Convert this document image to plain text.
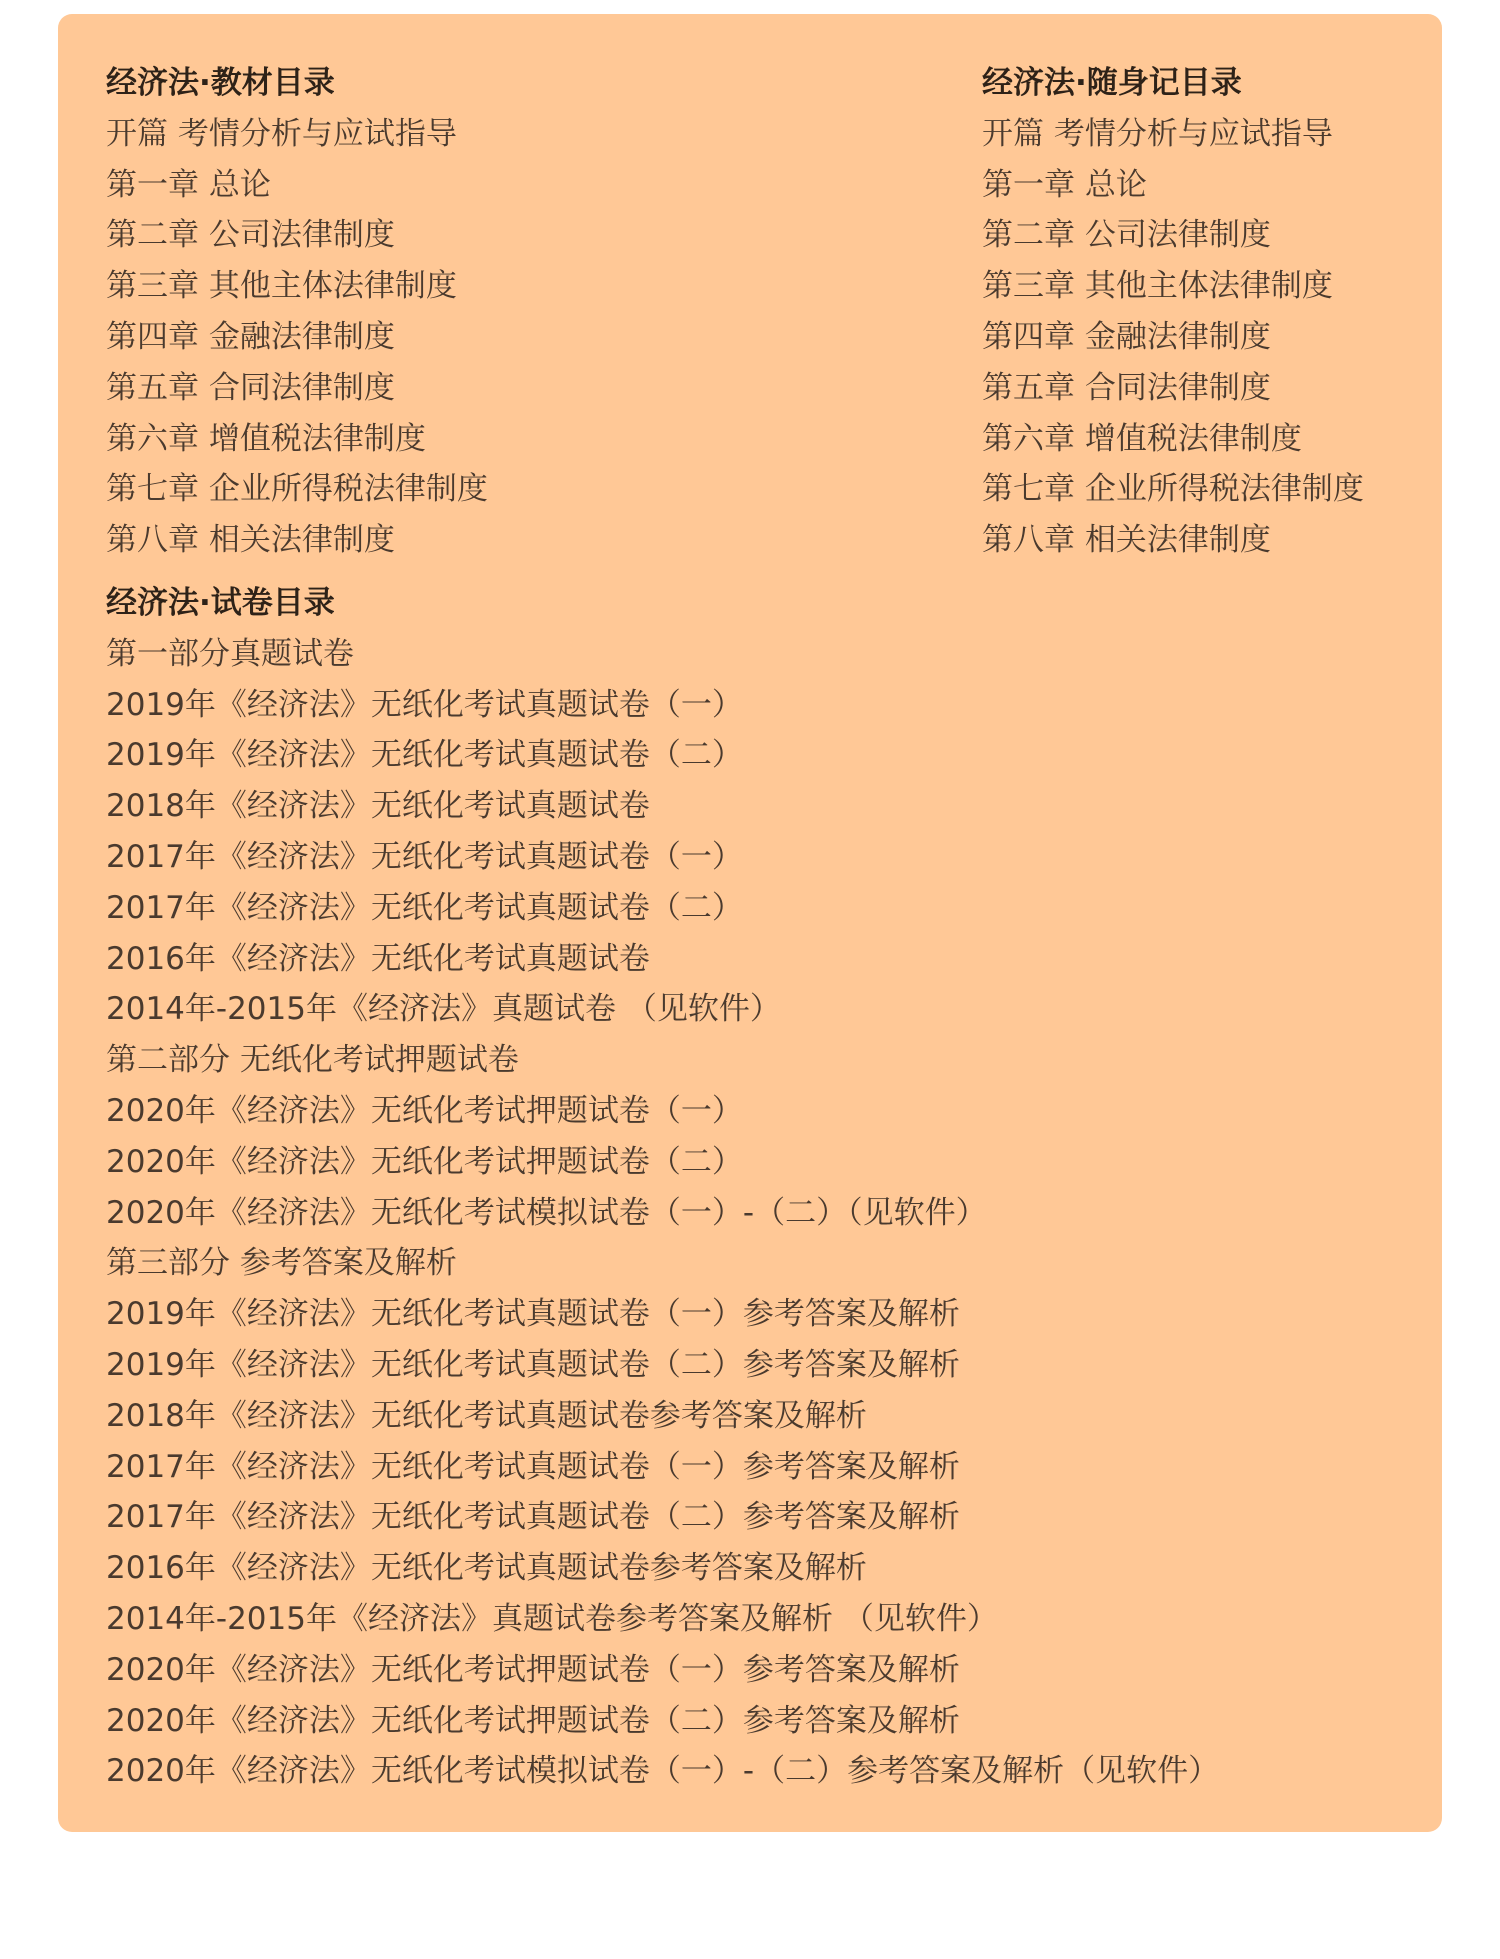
经济法·教材目录
开篇 考情分析与应试指导
第一章 总论
第二章 公司法律制度
第三章 其他主体法律制度
第四章 金融法律制度
第五章 合同法律制度
第六章 增值税法律制度
第七章 企业所得税法律制度
第八章 相关法律制度
经济法·试卷目录
第一部分真题试卷
2019年《经济法》无纸化考试真题试卷（一）
2019年《经济法》无纸化考试真题试卷（二）
2018年《经济法》无纸化考试真题试卷
2017年《经济法》无纸化考试真题试卷（一）
2017年《经济法》无纸化考试真题试卷（二）
2016年《经济法》无纸化考试真题试卷
2014年-2015年《经济法》真题试卷 （见软件）
第二部分 无纸化考试押题试卷
2020年《经济法》无纸化考试押题试卷（一）
2020年《经济法》无纸化考试押题试卷（二）
2020年《经济法》无纸化考试模拟试卷（一）-（二）（见软件）
第三部分 参考答案及解析
2019年《经济法》无纸化考试真题试卷（一）参考答案及解析
2019年《经济法》无纸化考试真题试卷（二）参考答案及解析
2018年《经济法》无纸化考试真题试卷参考答案及解析
2017年《经济法》无纸化考试真题试卷（一）参考答案及解析
2017年《经济法》无纸化考试真题试卷（二）参考答案及解析
2016年《经济法》无纸化考试真题试卷参考答案及解析
2014年-2015年《经济法》真题试卷参考答案及解析 （见软件）
2020年《经济法》无纸化考试押题试卷（一）参考答案及解析
2020年《经济法》无纸化考试押题试卷（二）参考答案及解析
2020年《经济法》无纸化考试模拟试卷（一）-（二）参考答案及解析（见软件）
经济法·随身记目录
开篇 考情分析与应试指导
第一章 总论
第二章 公司法律制度
第三章 其他主体法律制度
第四章 金融法律制度
第五章 合同法律制度
第六章 增值税法律制度
第七章 企业所得税法律制度
第八章 相关法律制度
